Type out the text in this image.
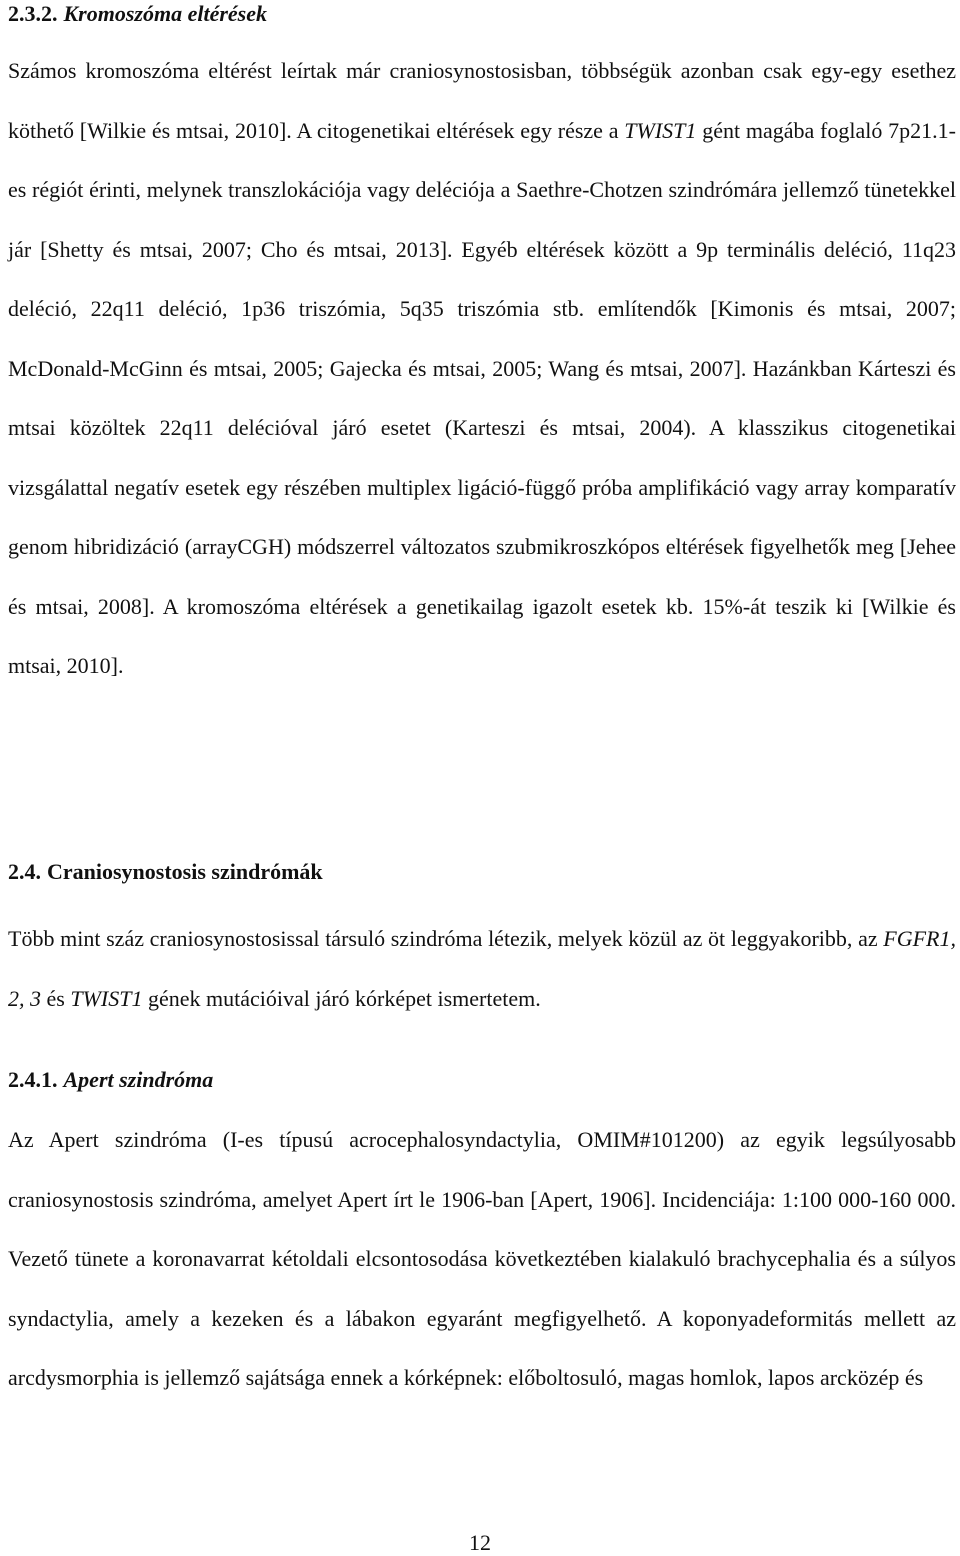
2.3.2. Kromoszóma eltérések

Számos kromoszóma eltérést leírtak már craniosynostosisban, többségük azonban csak egy-egy esethez köthető [Wilkie és mtsai, 2010]. A citogenetikai eltérések egy része a TWIST1 gént magába foglaló 7p21.1-es régiót érinti, melynek transzlokációja vagy deléciója a Saethre-Chotzen szindrómára jellemző tünetekkel jár [Shetty és mtsai, 2007; Cho és mtsai, 2013]. Egyéb eltérések között a 9p terminális deléció, 11q23 deléció, 22q11 deléció, 1p36 triszómia, 5q35 triszómia stb. említendők [Kimonis és mtsai, 2007; McDonald-McGinn és mtsai, 2005; Gajecka és mtsai, 2005; Wang és mtsai, 2007]. Hazánkban Kárteszi és mtsai közöltek 22q11 delécióval járó esetet (Karteszi és mtsai, 2004). A klasszikus citogenetikai vizsgálattal negatív esetek egy részében multiplex ligáció-függő próba amplifikáció vagy array komparatív genom hibridizáció (arrayCGH) módszerrel változatos szubmikroszkópos eltérések figyelhetők meg [Jehee és mtsai, 2008]. A kromoszóma eltérések a genetikailag igazolt esetek kb. 15%-át teszik ki [Wilkie és mtsai, 2010].

2.4. Craniosynostosis szindrómák

Több mint száz craniosynostosissal társuló szindróma létezik, melyek közül az öt leggyakoribb, az FGFR1, 2, 3 és TWIST1 gének mutációival járó kórképet ismertetem.

2.4.1. Apert szindróma

Az Apert szindróma (I-es típusú acrocephalosyndactylia, OMIM#101200) az egyik legsúlyosabb craniosynostosis szindróma, amelyet Apert írt le 1906-ban [Apert, 1906]. Incidenciája: 1:100 000-160 000. Vezető tünete a koronavarrat kétoldali elcsontosodása következtében kialakuló brachycephalia és a súlyos syndactylia, amely a kezeken és a lábakon egyaránt megfigyelhető. A koponyadeformitás mellett az arcdysmorphia is jellemző sajátsága ennek a kórképnek: előboltosuló, magas homlok, lapos arcközép és

12
